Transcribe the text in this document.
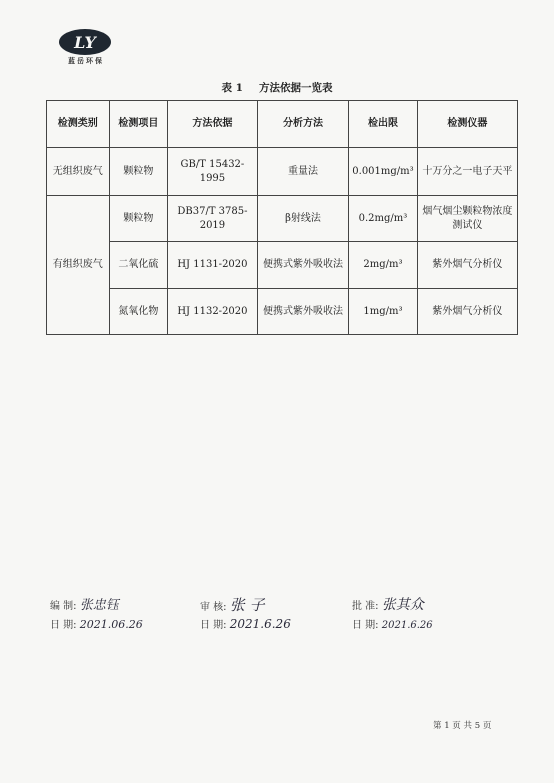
LY
蓝岳环保
表 1 方法依据一览表
检测类别	检测项目	方法依据	分析方法	检出限	检测仪器
无组织废气	颗粒物	GB/T 15432-1995	重量法	0.001mg/m³	十万分之一电子天平
有组织废气	颗粒物	DB37/T 3785-2019	β射线法	0.2mg/m³	烟气烟尘颗粒物浓度测试仪
	二氧化硫	HJ 1131-2020	便携式紫外吸收法	2mg/m³	紫外烟气分析仪
	氮氧化物	HJ 1132-2020	便携式紫外吸收法	1mg/m³	紫外烟气分析仪
编 制: 张忠钰
日 期: 2021.06.26
审 核: 张 子
日 期: 2021.6.26
批 准: 张其众
日 期: 2021.6.26
第 1 页 共 5 页
